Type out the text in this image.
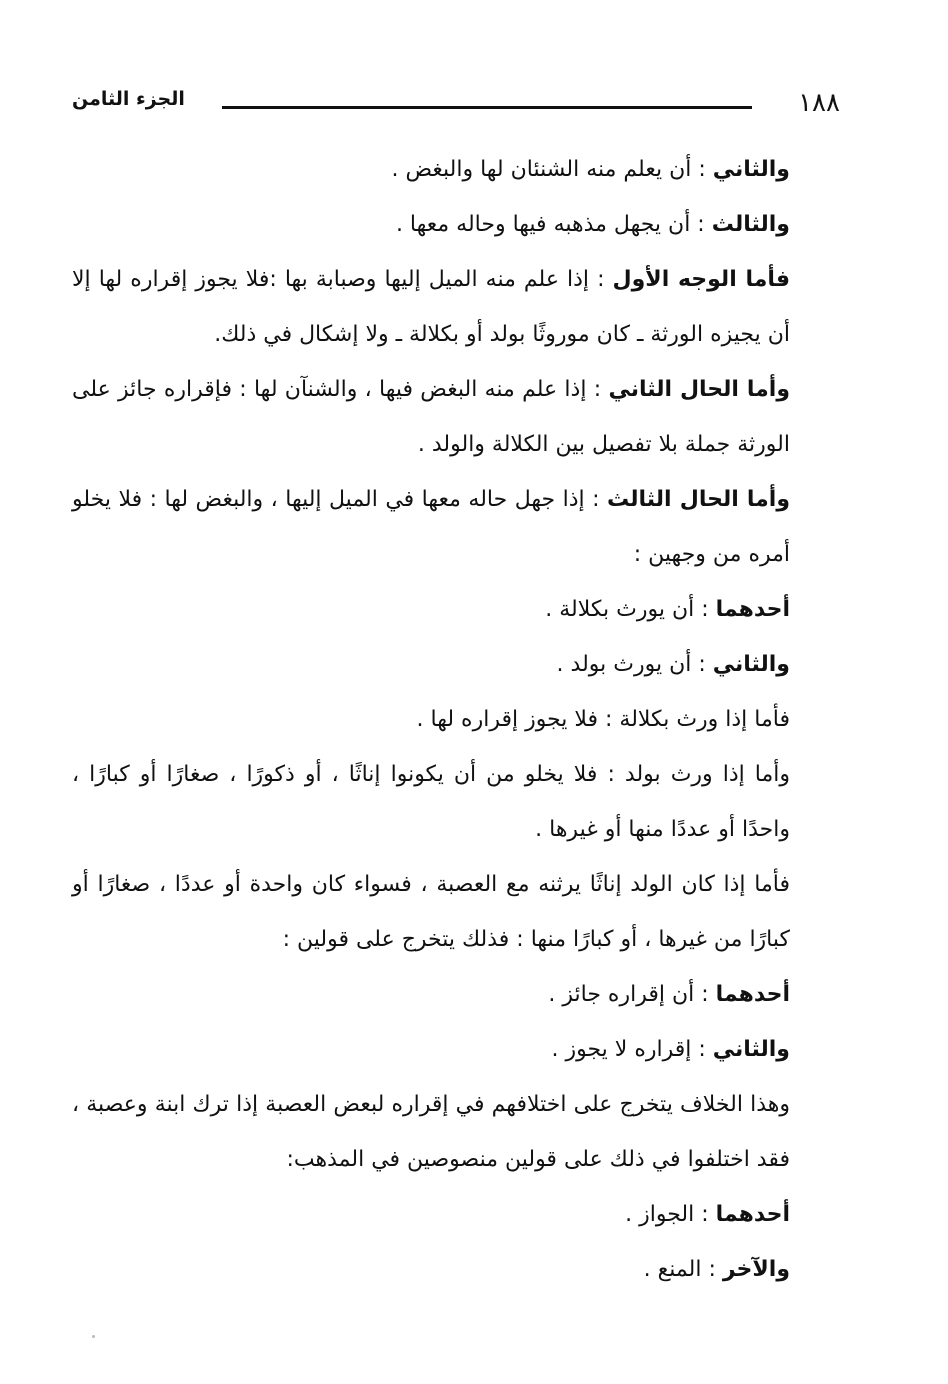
١٨٨
الجزء الثامن

والثاني : أن يعلم منه الشنئان لها والبغض .

والثالث : أن يجهل مذهبه فيها وحاله معها .

فأما الوجه الأول : إذا علم منه الميل إليها وصبابة بها :فلا يجوز إقراره لها إلا أن يجيزه الورثة ـ كان موروثًا بولد أو بكلالة ـ ولا إشكال في ذلك.

وأما الحال الثاني : إذا علم منه البغض فيها ، والشنآن لها : فإقراره جائز على الورثة جملة بلا تفصيل بين الكلالة والولد .

وأما الحال الثالث : إذا جهل حاله معها في الميل إليها ، والبغض لها : فلا يخلو أمره من وجهين :

أحدهما : أن يورث بكلالة .

والثاني : أن يورث بولد .

فأما إذا ورث بكلالة : فلا يجوز إقراره لها .

وأما إذا ورث بولد : فلا يخلو من أن يكونوا إناثًا ، أو ذكورًا ، صغارًا أو كبارًا ، واحدًا أو عددًا منها أو غيرها .

فأما إذا كان الولد إناثًا يرثنه مع العصبة ، فسواء كان واحدة أو عددًا ، صغارًا أو كبارًا من غيرها ، أو كبارًا منها : فذلك يتخرج على قولين :

أحدهما : أن إقراره جائز .

والثاني : إقراره لا يجوز .

وهذا الخلاف يتخرج على اختلافهم في إقراره لبعض العصبة إذا ترك ابنة وعصبة ، فقد اختلفوا في ذلك على قولين منصوصين في المذهب:

أحدهما : الجواز .

والآخر : المنع .
